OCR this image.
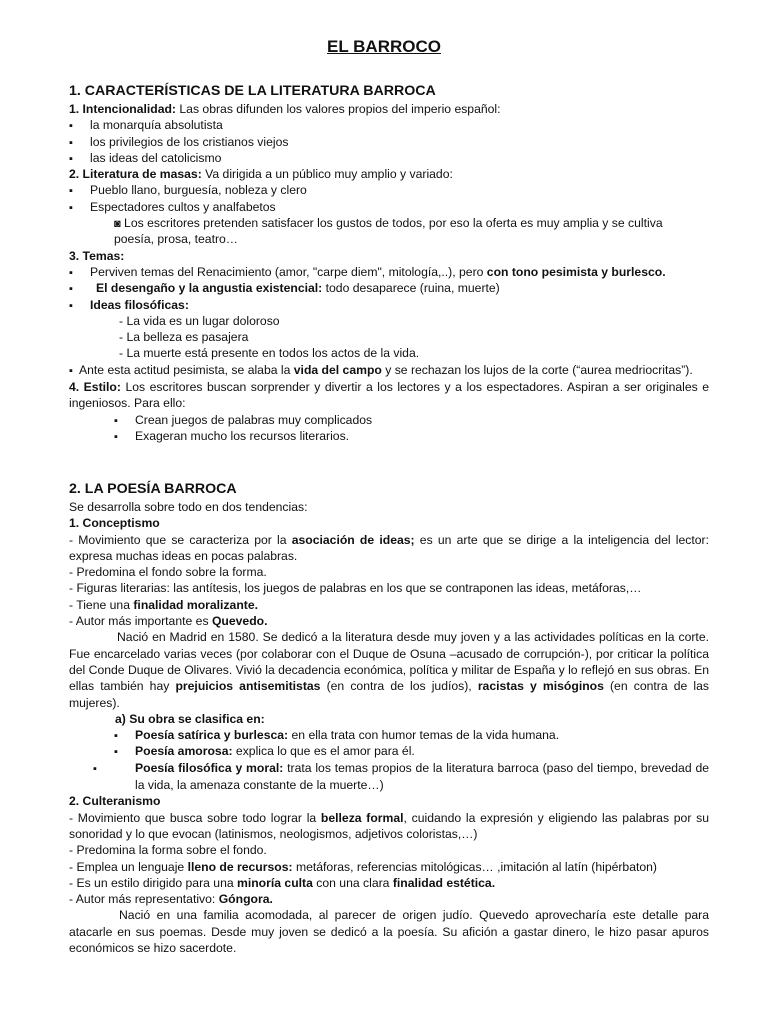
EL BARROCO
1. CARACTERÍSTICAS DE LA LITERATURA BARROCA
1. Intencionalidad: Las obras difunden los valores propios del imperio español:
▪ la monarquía absolutista
▪ los privilegios de los cristianos viejos
▪ las ideas del catolicismo
2. Literatura de masas: Va dirigida a un público muy amplio y variado:
▪ Pueblo llano, burguesía, nobleza y clero
▪ Espectadores cultos y analfabetos
◙ Los escritores pretenden satisfacer los gustos de todos, por eso la oferta es muy amplia y se cultiva
poesía, prosa, teatro…
3. Temas:
▪ Perviven temas del Renacimiento (amor, "carpe diem", mitología,..), pero con tono pesimista y burlesco.
▪ El desengaño y la angustia existencial: todo desaparece (ruina, muerte)
▪ Ideas filosóficas:
- La vida es un lugar doloroso
- La belleza es pasajera
- La muerte está presente en todos los actos de la vida.
▪  Ante esta actitud pesimista, se alaba la vida del campo y se rechazan los lujos de la corte (“aurea medriocritas”).
4. Estilo: Los escritores buscan sorprender y divertir a los lectores y a los espectadores. Aspiran a ser originales e ingeniosos. Para ello:
▪ Crean juegos de palabras muy complicados
▪ Exageran mucho los recursos literarios.
2. LA POESÍA BARROCA
Se desarrolla sobre todo en dos tendencias:
1. Conceptismo
- Movimiento que se caracteriza por la asociación de ideas; es un arte que se dirige a la inteligencia del lector: expresa muchas ideas en pocas palabras.
- Predomina el fondo sobre la forma.
- Figuras literarias: las antítesis, los juegos de palabras en los que se contraponen las ideas, metáforas,…
- Tiene una finalidad moralizante.
- Autor más importante es Quevedo.
Nació en Madrid en 1580. Se dedicó a la literatura desde muy joven y a las actividades políticas en la corte. Fue encarcelado varias veces (por colaborar con el Duque de Osuna –acusado de corrupción-), por criticar la política del Conde Duque de Olivares. Vivió la decadencia económica, política y militar de España y lo reflejó en sus obras. En ellas también hay prejuicios antisemitistas (en contra de los judíos), racistas y misóginos (en contra de las mujeres).
a) Su obra se clasifica en:
▪ Poesía satírica y burlesca: en ella trata con humor temas de la vida humana.
▪ Poesía amorosa: explica lo que es el amor para él.
▪ Poesía filosófica y moral: trata los temas propios de la literatura barroca (paso del tiempo, brevedad de la vida, la amenaza constante de la muerte…)
2. Culteranismo
- Movimiento que busca sobre todo lograr la belleza formal, cuidando la expresión y eligiendo las palabras por su sonoridad y lo que evocan (latinismos, neologismos, adjetivos coloristas,…)
- Predomina la forma sobre el fondo.
- Emplea un lenguaje lleno de recursos: metáforas, referencias mitológicas… ,imitación al latín (hipérbaton)
- Es un estilo dirigido para una minoría culta con una clara finalidad estética.
- Autor más representativo: Góngora.
Nació en una familia acomodada, al parecer de origen judío. Quevedo aprovecharía este detalle para atacarle en sus poemas. Desde muy joven se dedicó a la poesía. Su afición a gastar dinero, le hizo pasar apuros económicos se hizo sacerdote.
